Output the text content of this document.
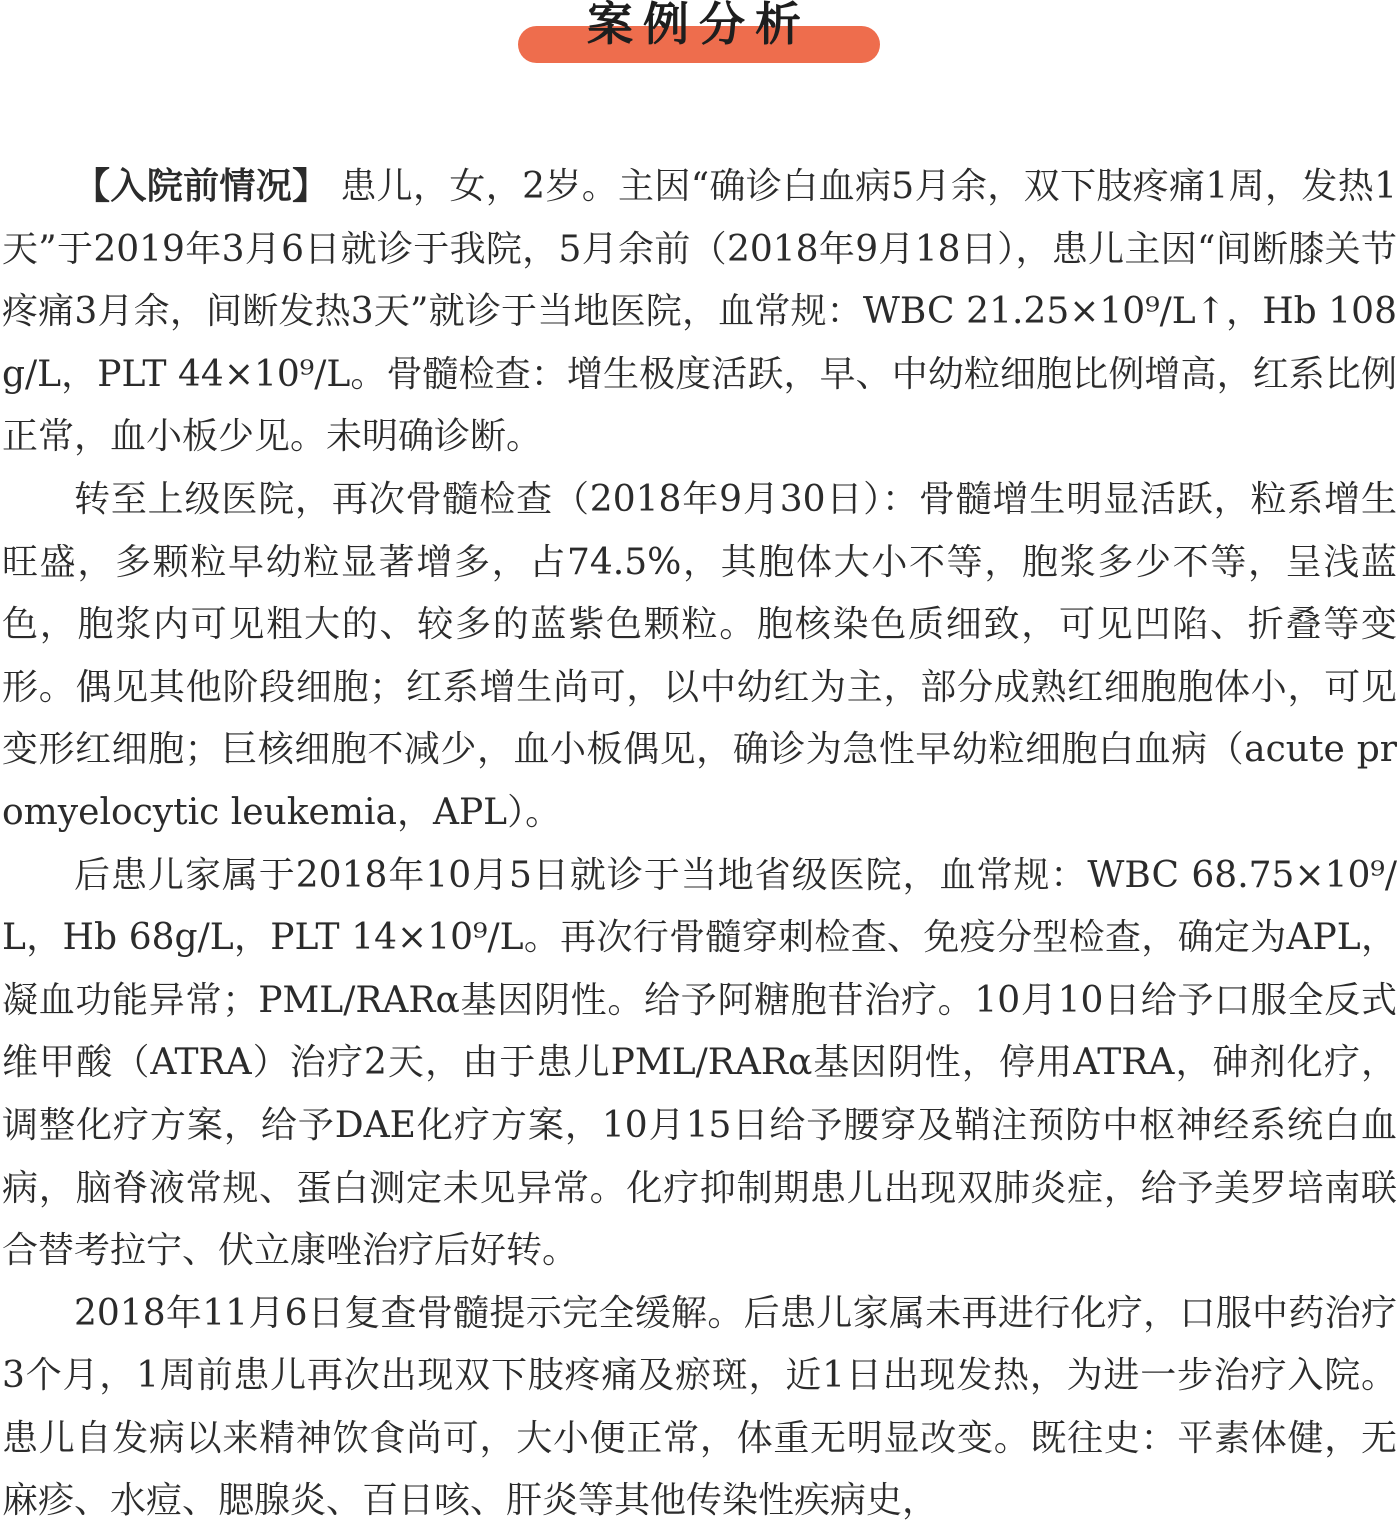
案例分析

【入院前情况】 患儿，女，2岁。主因“确诊白血病5月余，双下肢疼痛1周，发热1天”于2019年3月6日就诊于我院，5月余前（2018年9月18日），患儿主因“间断膝关节疼痛3月余，间断发热3天”就诊于当地医院，血常规：WBC 21.25×10⁹/L↑，Hb 108g/L，PLT 44×10⁹/L。骨髓检查：增生极度活跃，早、中幼粒细胞比例增高，红系比例正常，血小板少见。未明确诊断。

转至上级医院，再次骨髓检查（2018年9月30日）：骨髓增生明显活跃，粒系增生旺盛，多颗粒早幼粒显著增多，占74.5%，其胞体大小不等，胞浆多少不等，呈浅蓝色，胞浆内可见粗大的、较多的蓝紫色颗粒。胞核染色质细致，可见凹陷、折叠等变形。偶见其他阶段细胞；红系增生尚可，以中幼红为主，部分成熟红细胞胞体小，可见变形红细胞；巨核细胞不减少，血小板偶见，确诊为急性早幼粒细胞白血病（acute promyelocytic leukemia，APL）。

后患儿家属于2018年10月5日就诊于当地省级医院，血常规：WBC 68.75×10⁹/L，Hb 68g/L，PLT 14×10⁹/L。再次行骨髓穿刺检查、免疫分型检查，确定为APL，凝血功能异常；PML/RARα基因阴性。给予阿糖胞苷治疗。10月10日给予口服全反式维甲酸（ATRA）治疗2天，由于患儿PML/RARα基因阴性，停用ATRA，砷剂化疗，调整化疗方案，给予DAE化疗方案，10月15日给予腰穿及鞘注预防中枢神经系统白血病，脑脊液常规、蛋白测定未见异常。化疗抑制期患儿出现双肺炎症，给予美罗培南联合替考拉宁、伏立康唑治疗后好转。

2018年11月6日复查骨髓提示完全缓解。后患儿家属未再进行化疗，口服中药治疗3个月，1周前患儿再次出现双下肢疼痛及瘀斑，近1日出现发热，为进一步治疗入院。患儿自发病以来精神饮食尚可，大小便正常，体重无明显改变。既往史：平素体健，无麻疹、水痘、腮腺炎、百日咳、肝炎等其他传染性疾病史，
